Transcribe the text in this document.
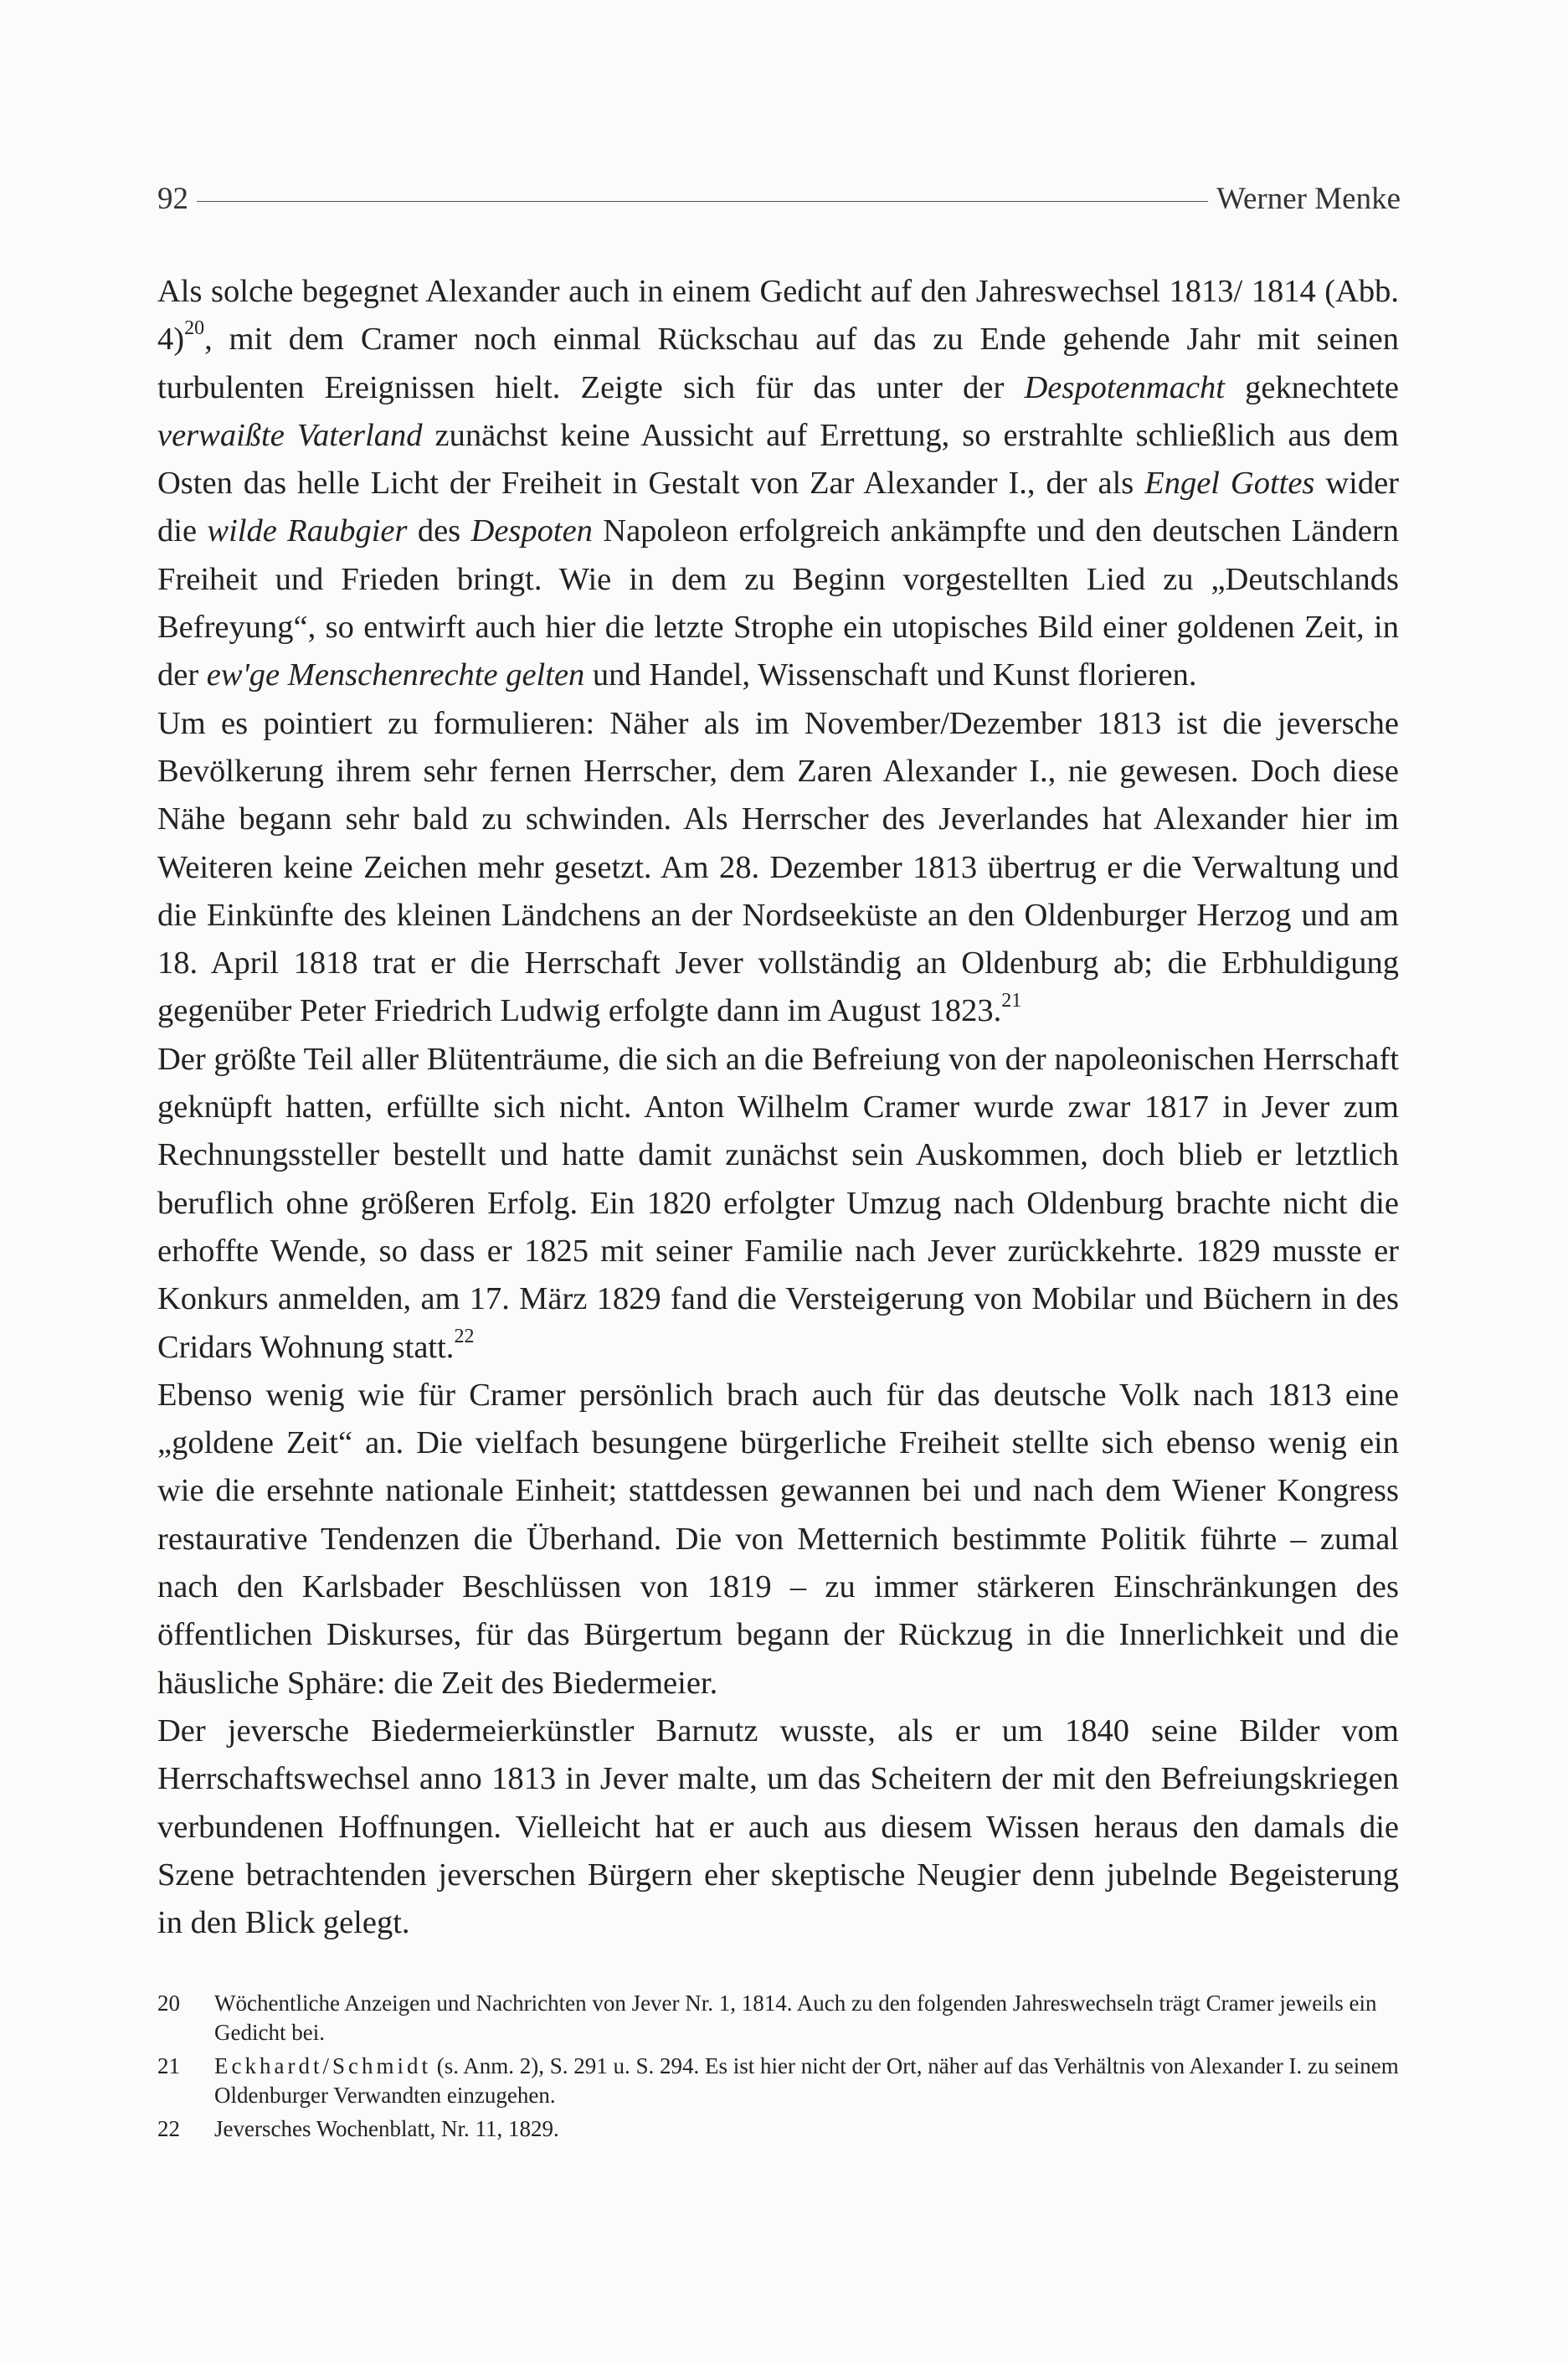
92	Werner Menke

Als solche begegnet Alexander auch in einem Gedicht auf den Jahreswechsel 1813/ 1814 (Abb. 4)$^{20}$, mit dem Cramer noch einmal Rückschau auf das zu Ende gehende Jahr mit seinen turbulenten Ereignissen hielt. Zeigte sich für das unter der Despotenmacht geknechtete verwaißte Vaterland zunächst keine Aussicht auf Errettung, so erstrahlte schließlich aus dem Osten das helle Licht der Freiheit in Gestalt von Zar Alexander I., der als Engel Gottes wider die wilde Raubgier des Despoten Napoleon erfolgreich ankämpfte und den deutschen Ländern Freiheit und Frieden bringt. Wie in dem zu Beginn vorgestellten Lied zu „Deutschlands Befreyung“, so entwirft auch hier die letzte Strophe ein utopisches Bild einer goldenen Zeit, in der ew'ge Menschenrechte gelten und Handel, Wissenschaft und Kunst florieren.

Um es pointiert zu formulieren: Näher als im November/Dezember 1813 ist die jeversche Bevölkerung ihrem sehr fernen Herrscher, dem Zaren Alexander I., nie gewesen. Doch diese Nähe begann sehr bald zu schwinden. Als Herrscher des Jeverlandes hat Alexander hier im Weiteren keine Zeichen mehr gesetzt. Am 28. Dezember 1813 übertrug er die Verwaltung und die Einkünfte des kleinen Ländchens an der Nordseeküste an den Oldenburger Herzog und am 18. April 1818 trat er die Herrschaft Jever vollständig an Oldenburg ab; die Erbhuldigung gegenüber Peter Friedrich Ludwig erfolgte dann im August 1823.21

Der größte Teil aller Blütenträume, die sich an die Befreiung von der napoleonischen Herrschaft geknüpft hatten, erfüllte sich nicht. Anton Wilhelm Cramer wurde zwar 1817 in Jever zum Rechnungssteller bestellt und hatte damit zunächst sein Auskommen, doch blieb er letztlich beruflich ohne größeren Erfolg. Ein 1820 erfolgter Umzug nach Oldenburg brachte nicht die erhoffte Wende, so dass er 1825 mit seiner Familie nach Jever zurückkehrte. 1829 musste er Konkurs anmelden, am 17. März 1829 fand die Versteigerung von Mobilar und Büchern in des Cridars Wohnung statt.$^{22}$

Ebenso wenig wie für Cramer persönlich brach auch für das deutsche Volk nach 1813 eine „goldene Zeit“ an. Die vielfach besungene bürgerliche Freiheit stellte sich ebenso wenig ein wie die ersehnte nationale Einheit; stattdessen gewannen bei und nach dem Wiener Kongress restaurative Tendenzen die Überhand. Die von Metternich bestimmte Politik führte – zumal nach den Karlsbader Beschlüssen von 1819 – zu immer stärkeren Einschränkungen des öffentlichen Diskurses, für das Bürgertum begann der Rückzug in die Innerlichkeit und die häusliche Sphäre: die Zeit des Biedermeier.

Der jeversche Biedermeierkünstler Barnutz wusste, als er um 1840 seine Bilder vom Herrschaftswechsel anno 1813 in Jever malte, um das Scheitern der mit den Befreiungskriegen verbundenen Hoffnungen. Vielleicht hat er auch aus diesem Wissen heraus den damals die Szene betrachtenden jeverschen Bürgern eher skeptische Neugier denn jubelnde Begeisterung in den Blick gelegt.

20	Wöchentliche Anzeigen und Nachrichten von Jever Nr. 1, 1814. Auch zu den folgenden Jahreswechseln trägt Cramer jeweils ein Gedicht bei.
21	Eckhardt/Schmidt (s. Anm. 2), S. 291 u. S. 294. Es ist hier nicht der Ort, näher auf das Verhältnis von Alexander I. zu seinem Oldenburger Verwandten einzugehen.
22	Jeversches Wochenblatt, Nr. 11, 1829.
